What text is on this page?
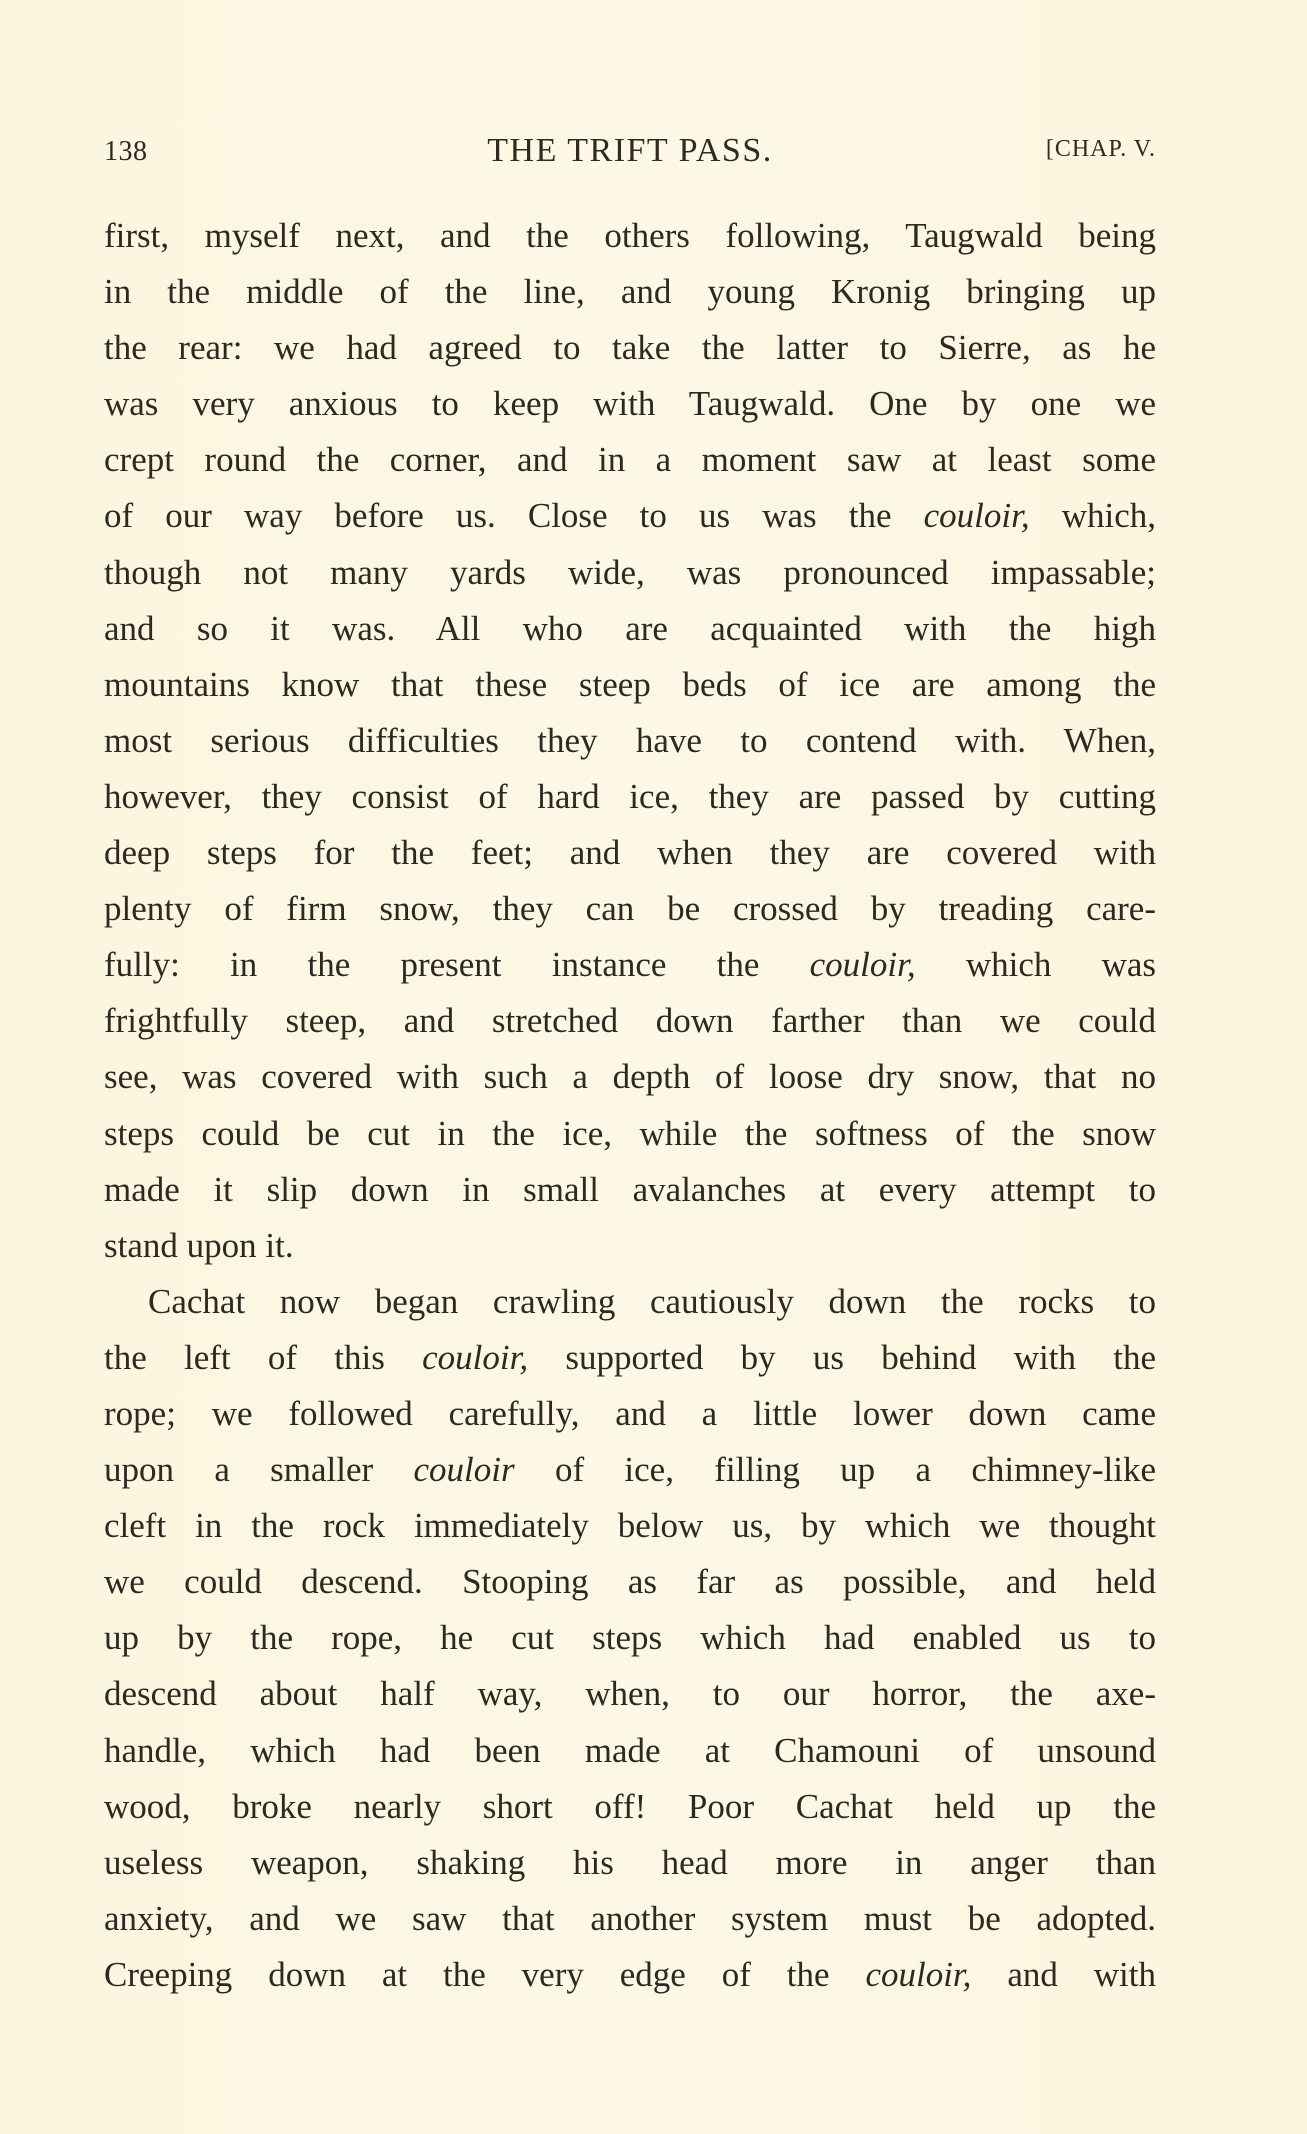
138	THE TRIFT PASS.	[CHAP. V.
first, myself next, and the others following, Taugwald being
in the middle of the line, and young Kronig bringing up
the rear: we had agreed to take the latter to Sierre, as he
was very anxious to keep with Taugwald. One by one we
crept round the corner, and in a moment saw at least some
of our way before us. Close to us was the couloir, which,
though not many yards wide, was pronounced impassable;
and so it was. All who are acquainted with the high
mountains know that these steep beds of ice are among the
most serious difficulties they have to contend with. When,
however, they consist of hard ice, they are passed by cutting
deep steps for the feet; and when they are covered with
plenty of firm snow, they can be crossed by treading care-
fully: in the present instance the couloir, which was
frightfully steep, and stretched down farther than we could
see, was covered with such a depth of loose dry snow, that no
steps could be cut in the ice, while the softness of the snow
made it slip down in small avalanches at every attempt to
stand upon it.
Cachat now began crawling cautiously down the rocks to
the left of this couloir, supported by us behind with the
rope; we followed carefully, and a little lower down came
upon a smaller couloir of ice, filling up a chimney-like
cleft in the rock immediately below us, by which we thought
we could descend. Stooping as far as possible, and held
up by the rope, he cut steps which had enabled us to
descend about half way, when, to our horror, the axe-
handle, which had been made at Chamouni of unsound
wood, broke nearly short off! Poor Cachat held up the
useless weapon, shaking his head more in anger than
anxiety, and we saw that another system must be adopted.
Creeping down at the very edge of the couloir, and with
